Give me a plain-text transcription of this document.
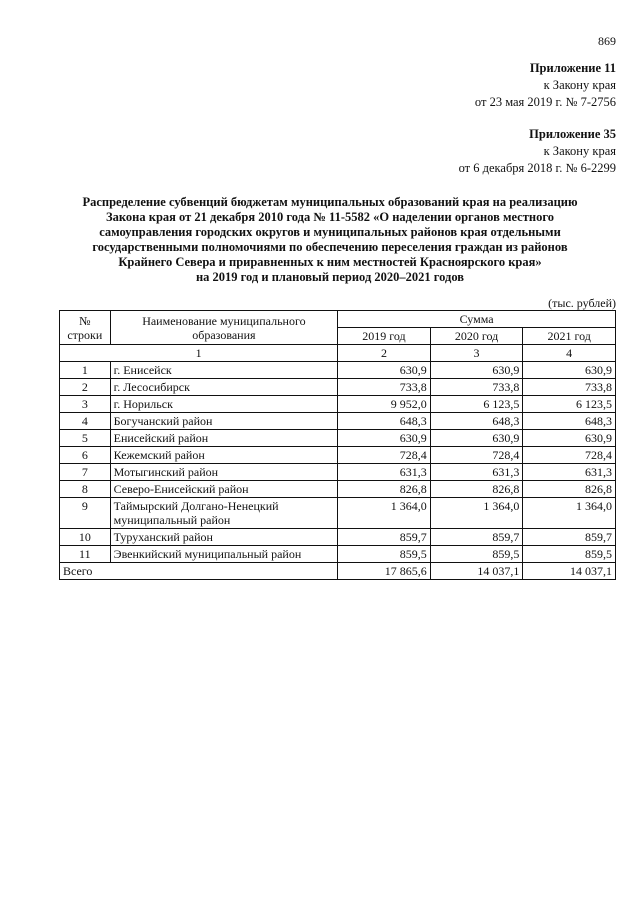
869
Приложение 11
к Закону края
от 23 мая 2019 г. № 7-2756
Приложение 35
к Закону края
от 6 декабря 2018 г. № 6-2299
Распределение субвенций бюджетам муниципальных образований края на реализацию
Закона края от 21 декабря 2010 года № 11-5582 «О наделении органов местного
самоуправления городских округов и муниципальных районов края отдельными
государственными полномочиями по обеспечению переселения граждан из районов
Крайнего Севера и приравненных к ним местностей Красноярского края»
на 2019 год и плановый период 2020–2021 годов
(тыс. рублей)
№ строки	Наименование муниципального образования	Сумма		
		2019 год	2020 год	2021 год
1		2	3	4
1	г. Енисейск	630,9	630,9	630,9
2	г. Лесосибирск	733,8	733,8	733,8
3	г. Норильск	9 952,0	6 123,5	6 123,5
4	Богучанский район	648,3	648,3	648,3
5	Енисейский район	630,9	630,9	630,9
6	Кежемский район	728,4	728,4	728,4
7	Мотыгинский район	631,3	631,3	631,3
8	Северо-Енисейский район	826,8	826,8	826,8
9	Таймырский Долгано-Ненецкий муниципальный район	1 364,0	1 364,0	1 364,0
10	Туруханский район	859,7	859,7	859,7
11	Эвенкийский муниципальный район	859,5	859,5	859,5
Всего		17 865,6	14 037,1	14 037,1
